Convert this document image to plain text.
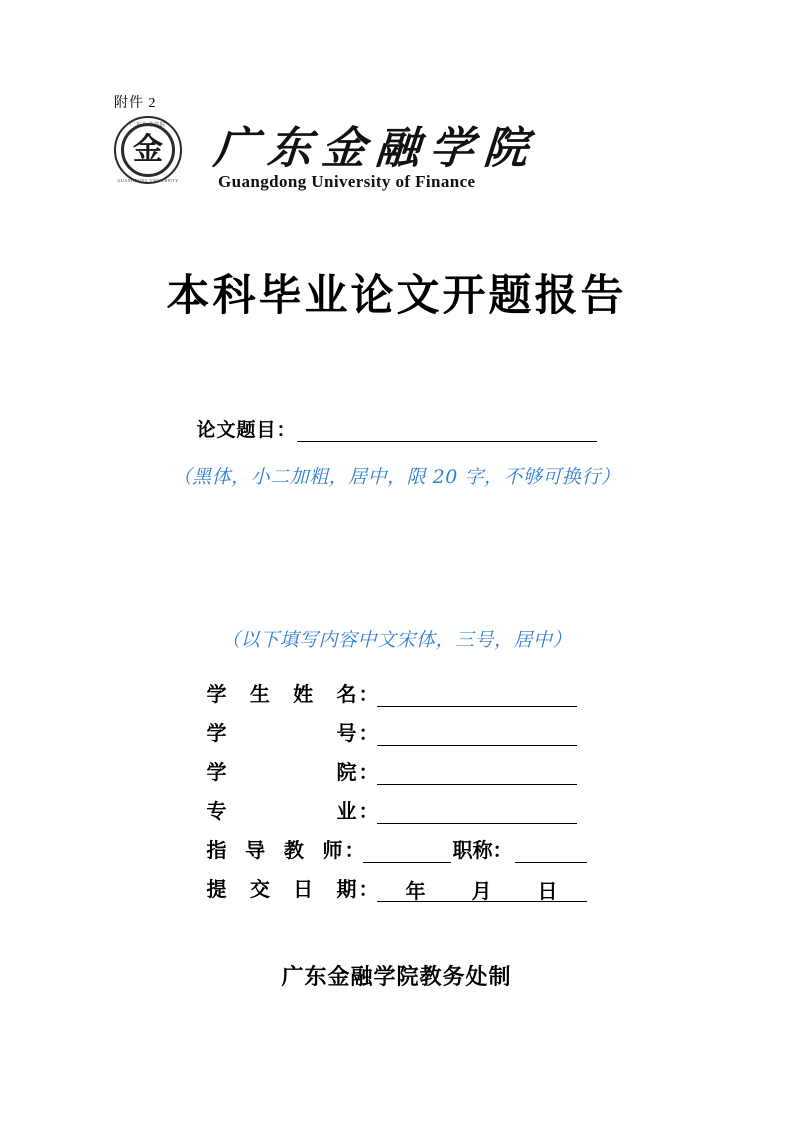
附件 2
广东金融学院
金
GUANGDONG UNIVERSITY
广东金融学院
Guangdong University of Finance
本科毕业论文开题报告
论文题目：
（黑体，小二加粗，居中，限 20 字，不够可换行）
（以下填写内容中文宋体，三号，居中）
学生姓名 ：
学号 ：
学院 ：
专业 ：
指导教师 ：	职称：
提交日期 ： 年 月 日
广东金融学院教务处制
